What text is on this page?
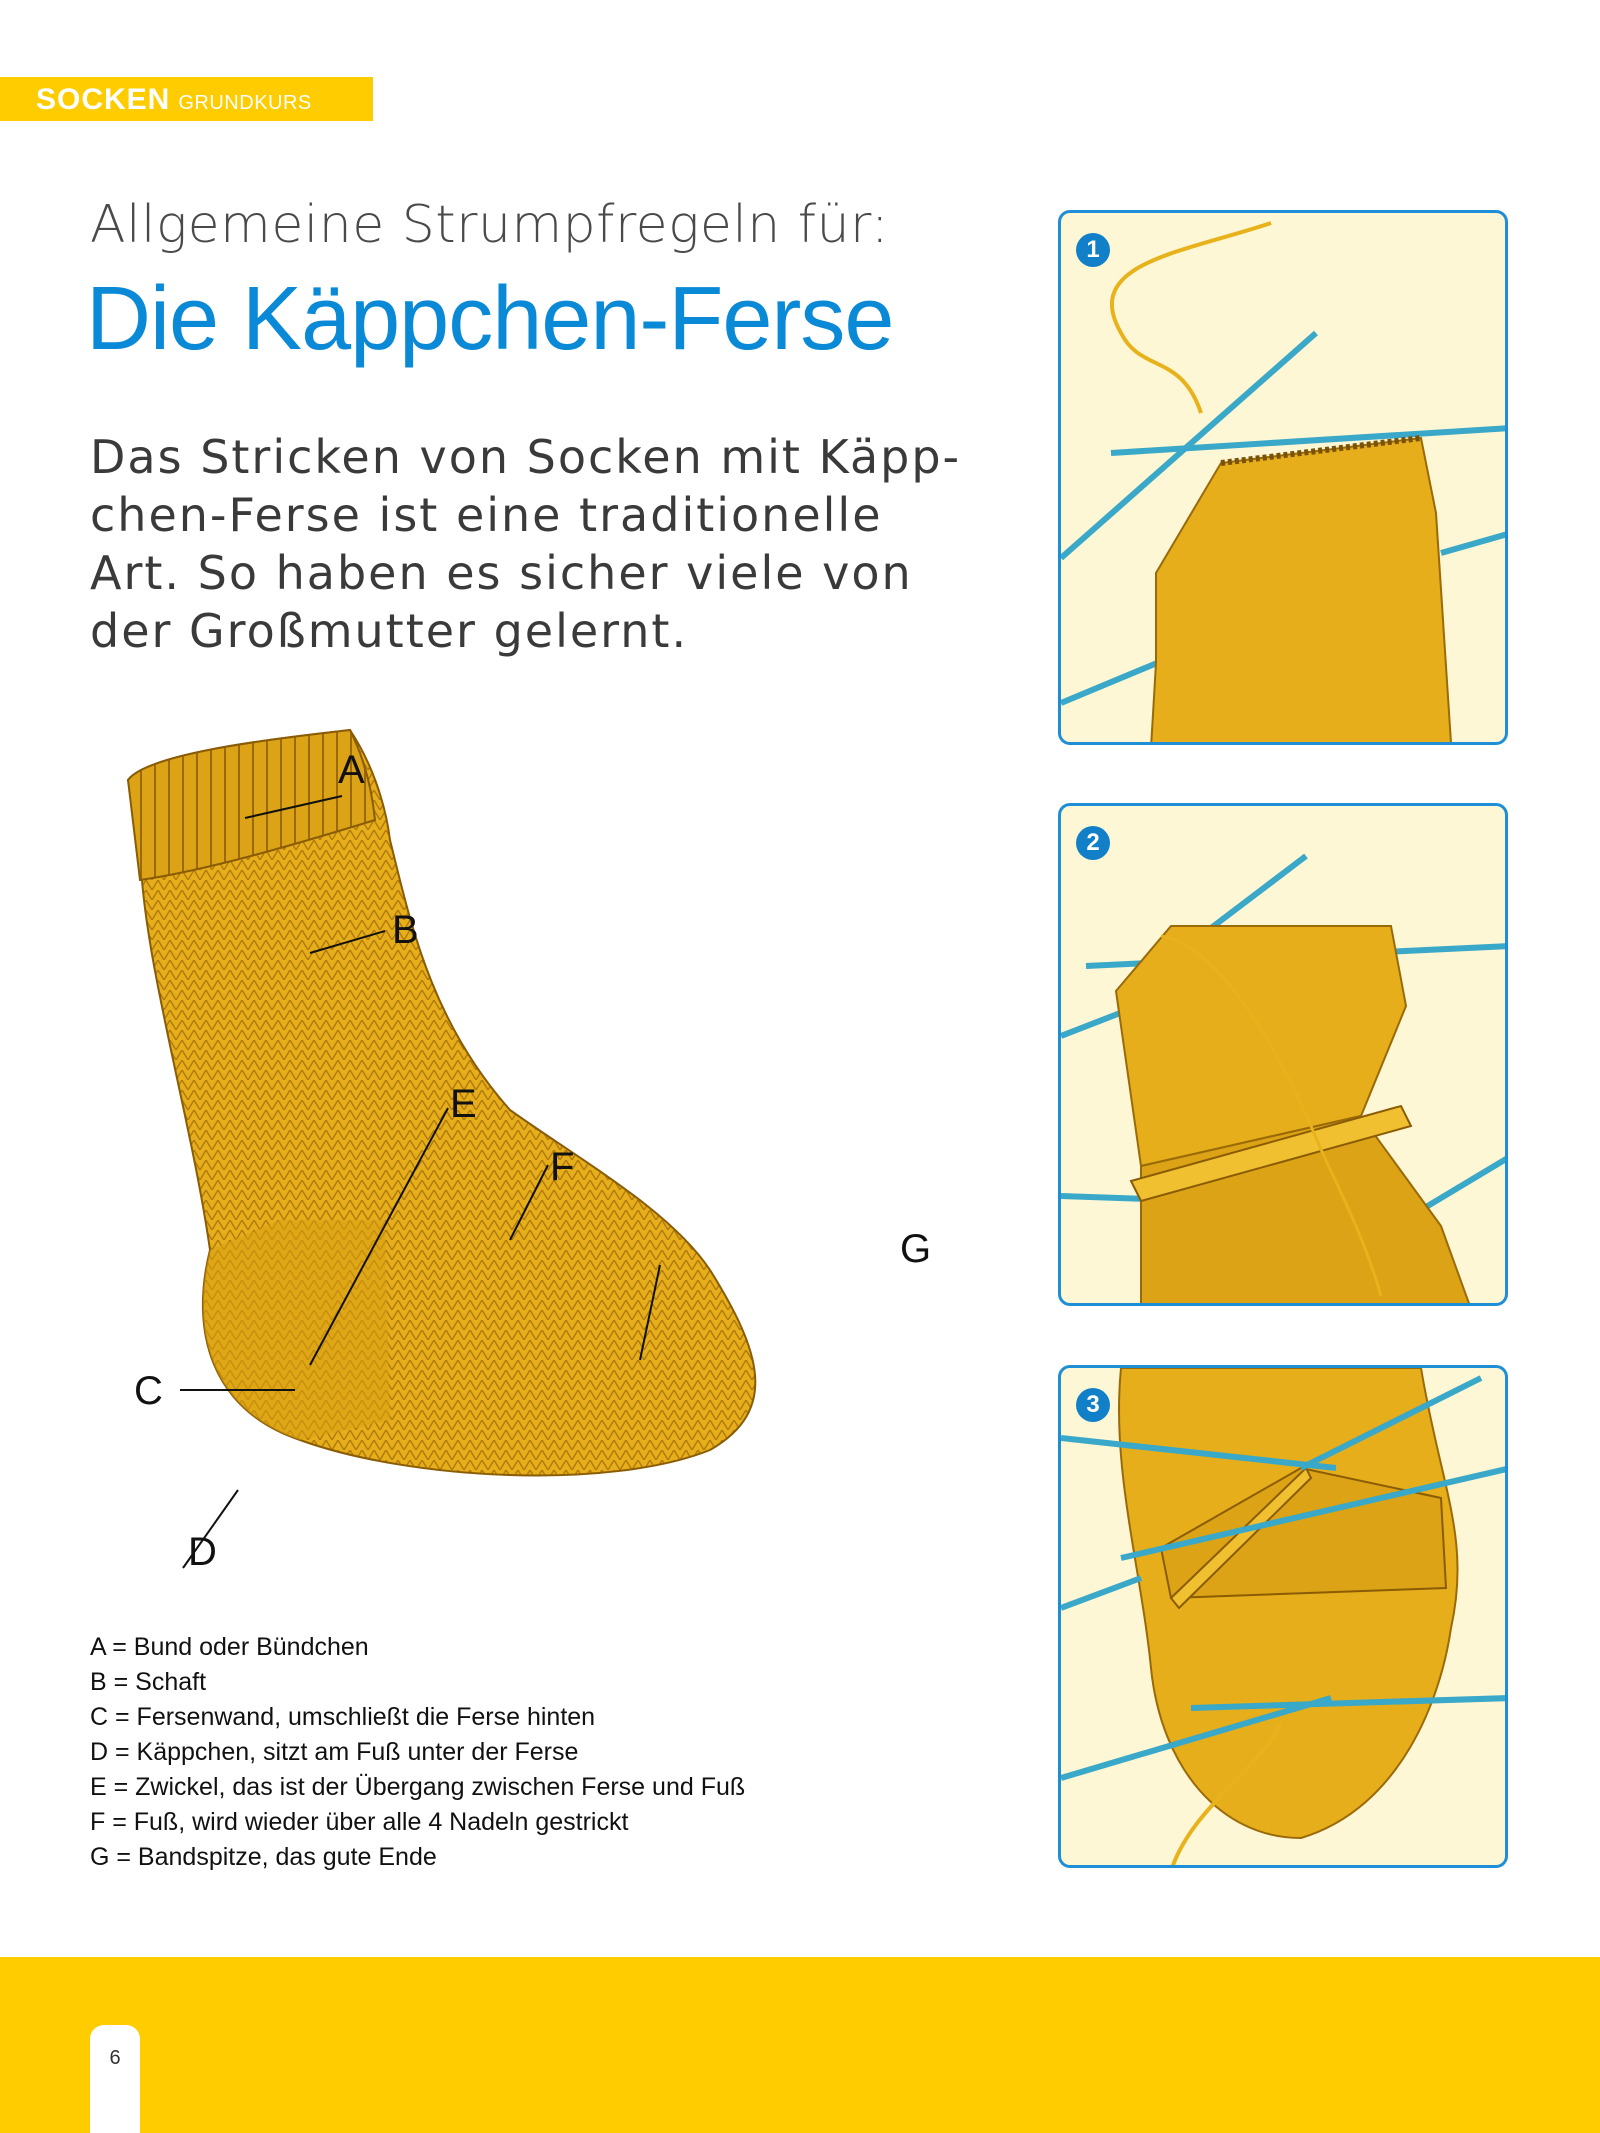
SOCKEN GRUNDKURS
Allgemeine Strumpfregeln für:
Die Käppchen-Ferse
Das Stricken von Socken mit Käpp-
chen-Ferse ist eine traditionelle
Art. So haben es sicher viele von
der Großmutter gelernt.
A
B
E
F
G
C
D
A = Bund oder Bündchen
B = Schaft
C = Fersenwand, umschließt die Ferse hinten
D = Käppchen, sitzt am Fuß unter der Ferse
E = Zwickel, das ist der Übergang zwischen Ferse und Fuß
F = Fuß, wird wieder über alle 4 Nadeln gestrickt
G = Bandspitze, das gute Ende
1
2
3
6
